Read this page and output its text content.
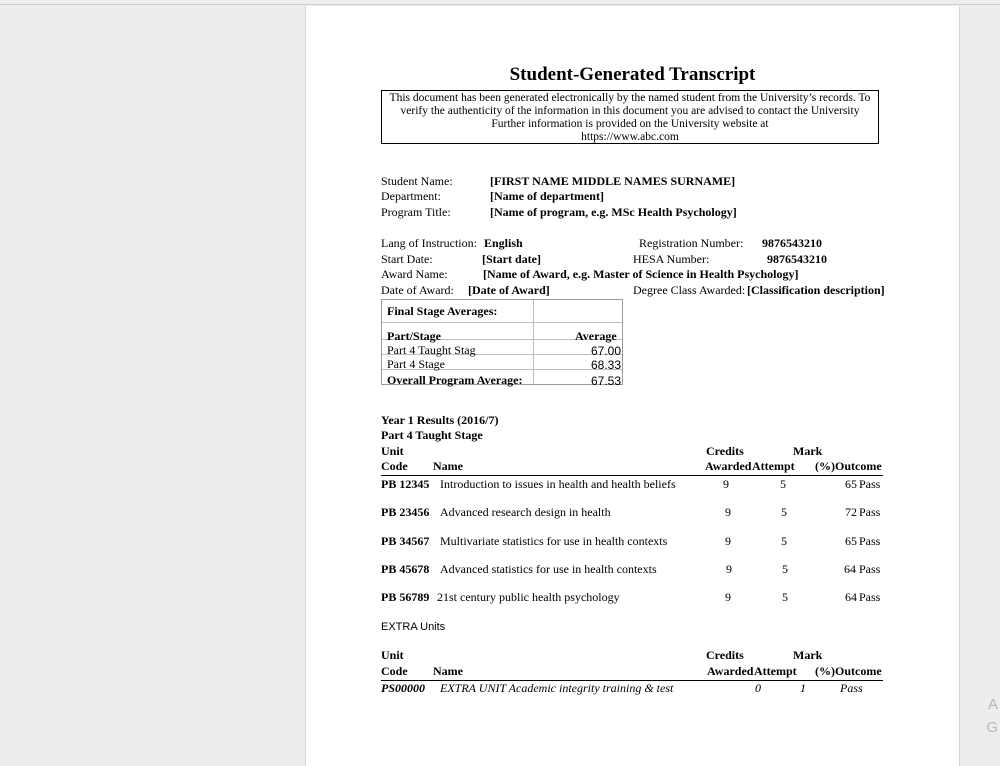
Student-Generated Transcript
This document has been generated electronically by the named student from the University’s records. To
verify the authenticity of the information in this document you are advised to contact the University
Further information is provided on the University website at
https://www.abc.com
Student Name:	[FIRST NAME MIDDLE NAMES SURNAME]
Department:	[Name of department]
Program Title:	[Name of program, e.g. MSc Health Psychology]
Lang of Instruction: English	Registration Number: 9876543210
Start Date:	[Start date]	HESA Number:	9876543210
Award Name:	[Name of Award, e.g. Master of Science in Health Psychology]
Date of Award: [Date of Award]	Degree Class Awarded: [Classification description]
Final Stage Averages:
Part/Stage	Average
Part 4 Taught Stag	67.00
Part 4 Stage	68.33
Overall Program Average:	67.53
Year 1 Results (2016/7)
Part 4 Taught Stage
Unit	Credits	Mark
Code Name	Awarded Attempt (%) Outcome
PB 12345 Introduction to issues in health and health beliefs	9	5	65 Pass
PB 23456 Advanced research design in health	9	5	72 Pass
PB 34567 Multivariate statistics for use in health contexts	9	5	65 Pass
PB 45678 Advanced statistics for use in health contexts	9	5	64 Pass
PB 56789 21st century public health psychology	9	5	64 Pass
EXTRA Units
Unit	Credits	Mark
Code Name	Awarded Attempt (%) Outcome
PS00000 EXTRA UNIT Academic integrity training & test	0	1	Pass
A
G
